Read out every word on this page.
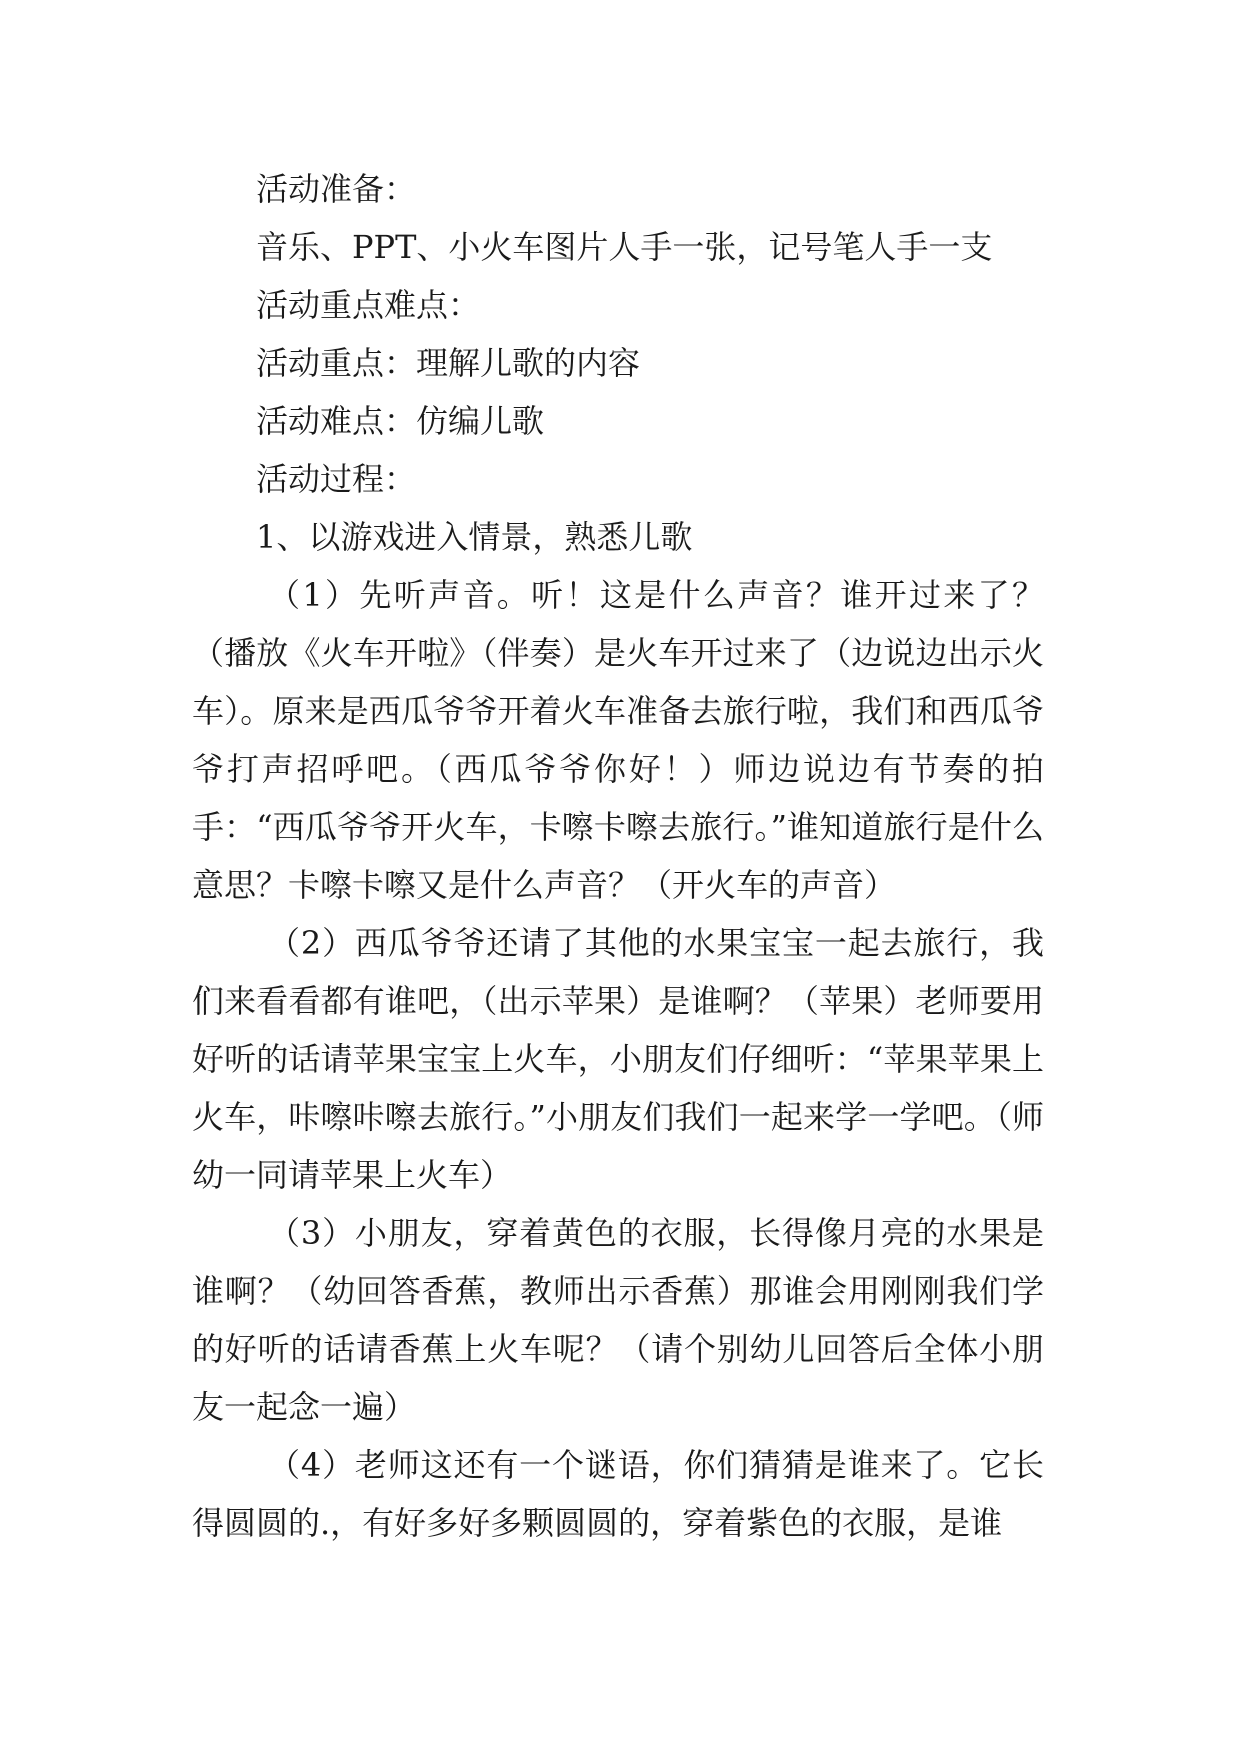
活动准备：
音乐、PPT、小火车图片人手一张，记号笔人手一支
活动重点难点：
活动重点：理解儿歌的内容
活动难点：仿编儿歌
活动过程：
1、以游戏进入情景，熟悉儿歌

（1）先听声音。听！这是什么声音？谁开过来了？（播放《火车开啦》（伴奏）是火车开过来了（边说边出示火车）。原来是西瓜爷爷开着火车准备去旅行啦，我们和西瓜爷爷打声招呼吧。（西瓜爷爷你好！）师边说边有节奏的拍手：“西瓜爷爷开火车，卡嚓卡嚓去旅行。”谁知道旅行是什么意思？卡嚓卡嚓又是什么声音？（开火车的声音）

（2）西瓜爷爷还请了其他的水果宝宝一起去旅行，我们来看看都有谁吧，（出示苹果）是谁啊？（苹果）老师要用好听的话请苹果宝宝上火车，小朋友们仔细听：“苹果苹果上火车，咔嚓咔嚓去旅行。”小朋友们我们一起来学一学吧。（师幼一同请苹果上火车）

（3）小朋友，穿着黄色的衣服，长得像月亮的水果是谁啊？（幼回答香蕉，教师出示香蕉）那谁会用刚刚我们学的好听的话请香蕉上火车呢？（请个别幼儿回答后全体小朋友一起念一遍）

（4）老师这还有一个谜语，你们猜猜是谁来了。它长得圆圆的.，有好多好多颗圆圆的，穿着紫色的衣服，是谁
